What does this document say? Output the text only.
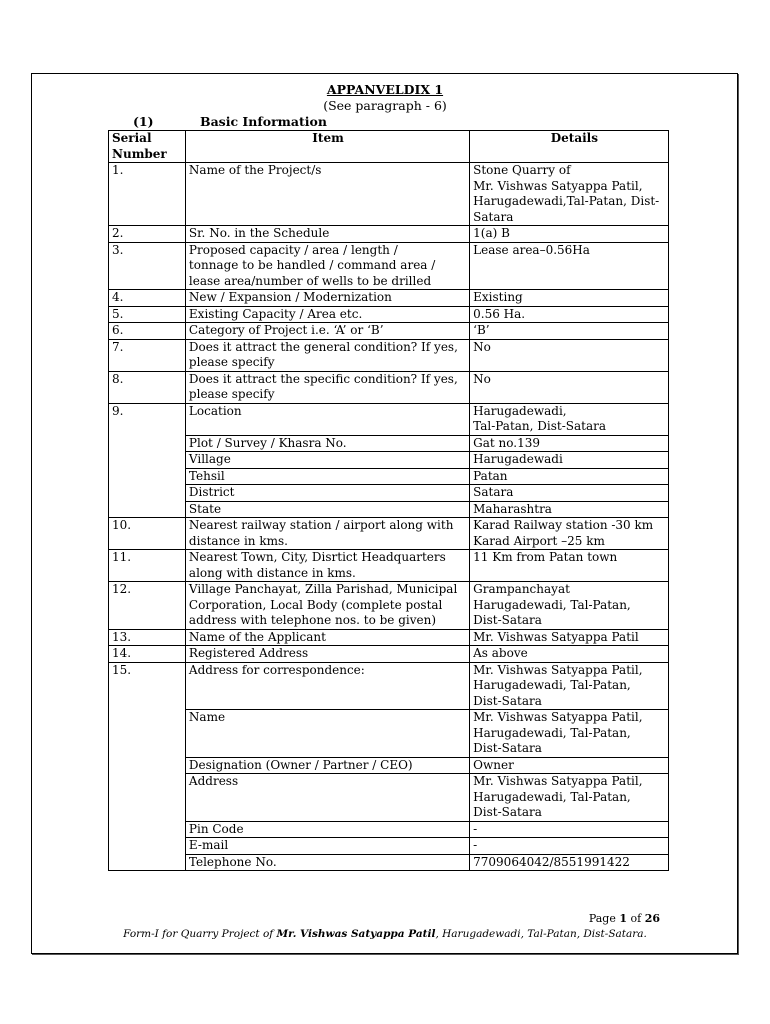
APPANVELDIX 1
(See paragraph - 6)
(1)	Basic Information
Serial
Number	Item	Details
1.	Name of the Project/s	Stone Quarry of
Mr. Vishwas Satyappa Patil,
Harugadewadi,Tal-Patan, Dist-
Satara
2.	Sr. No. in the Schedule	1(a) B
3.	Proposed capacity / area / length /
tonnage to be handled / command area /
lease area/number of wells to be drilled	Lease area–0.56Ha
4.	New / Expansion / Modernization	Existing
5.	Existing Capacity / Area etc.	0.56 Ha.
6.	Category of Project i.e. ‘A’ or ‘B’	‘B’
7.	Does it attract the general condition? If yes,
please specify	No
8.	Does it attract the specific condition? If yes,
please specify	No
9.	Location	Harugadewadi,
Tal-Patan, Dist-Satara
	Plot / Survey / Khasra No.	Gat no.139
	Village	Harugadewadi
	Tehsil	Patan
	District	Satara
	State	Maharashtra
10.	Nearest railway station / airport along with
distance in kms.	Karad Railway station -30 km
Karad Airport –25 km
11.	Nearest Town, City, Disrtict Headquarters
along with distance in kms.	11 Km from Patan town
12.	Village Panchayat, Zilla Parishad, Municipal
Corporation, Local Body (complete postal
address with telephone nos. to be given)	Grampanchayat
Harugadewadi, Tal-Patan,
Dist-Satara
13.	Name of the Applicant	Mr. Vishwas Satyappa Patil
14.	Registered Address	As above
15.	Address for correspondence:	Mr. Vishwas Satyappa Patil,
Harugadewadi, Tal-Patan,
Dist-Satara
	Name	Mr. Vishwas Satyappa Patil,
Harugadewadi, Tal-Patan,
Dist-Satara
	Designation (Owner / Partner / CEO)	Owner
	Address	Mr. Vishwas Satyappa Patil,
Harugadewadi, Tal-Patan,
Dist-Satara
	Pin Code	-
	E-mail	-
	Telephone No.	7709064042/8551991422
Page 1 of 26
Form-I for Quarry Project of Mr. Vishwas Satyappa Patil, Harugadewadi, Tal-Patan, Dist-Satara.
